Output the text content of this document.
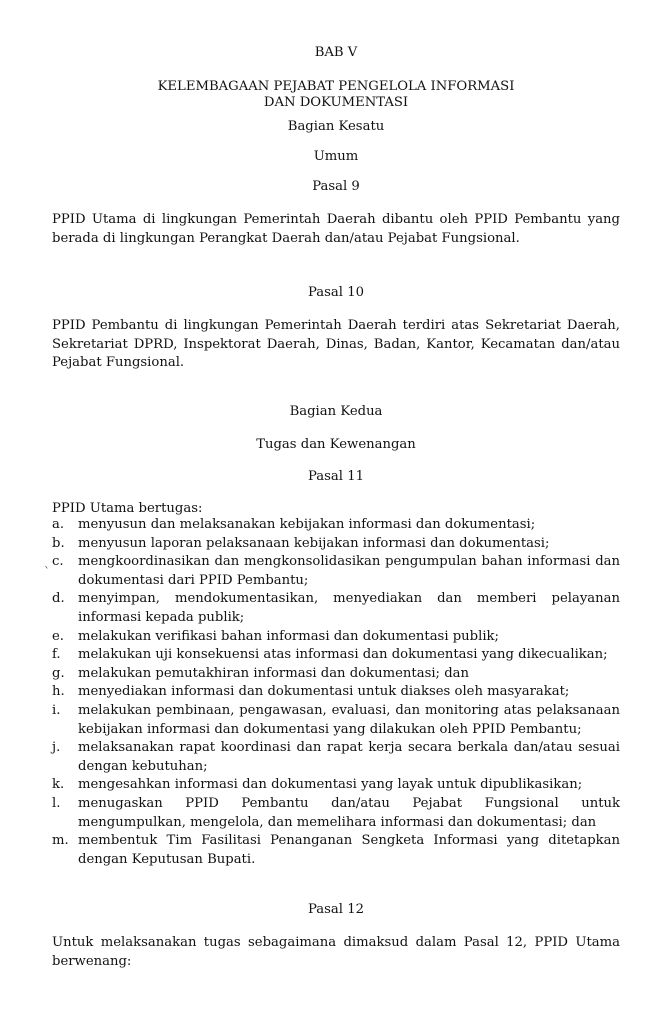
BAB V
KELEMBAGAAN PEJABAT PENGELOLA INFORMASI
DAN DOKUMENTASI
Bagian Kesatu
Umum
Pasal 9
PPID Utama di lingkungan Pemerintah Daerah dibantu oleh PPID Pembantu yang berada di lingkungan Perangkat Daerah dan/atau Pejabat Fungsional.
Pasal 10
PPID Pembantu di lingkungan Pemerintah Daerah terdiri atas Sekretariat Daerah, Sekretariat DPRD, Inspektorat Daerah, Dinas, Badan, Kantor, Kecamatan dan/atau Pejabat Fungsional.
Bagian Kedua
Tugas dan Kewenangan
Pasal 11
PPID Utama bertugas:
a. menyusun dan melaksanakan kebijakan informasi dan dokumentasi;
b. menyusun laporan pelaksanaan kebijakan informasi dan dokumentasi;
c. mengkoordinasikan dan mengkonsolidasikan pengumpulan bahan informasi dan dokumentasi dari PPID Pembantu;
d. menyimpan, mendokumentasikan, menyediakan dan memberi pelayanan informasi kepada publik;
e. melakukan verifikasi bahan informasi dan dokumentasi publik;
f. melakukan uji konsekuensi atas informasi dan dokumentasi yang dikecualikan;
g. melakukan pemutakhiran informasi dan dokumentasi; dan
h. menyediakan informasi dan dokumentasi untuk diakses oleh masyarakat;
i. melakukan pembinaan, pengawasan, evaluasi, dan monitoring atas pelaksanaan kebijakan informasi dan dokumentasi yang dilakukan oleh PPID Pembantu;
j. melaksanakan rapat koordinasi dan rapat kerja secara berkala dan/atau sesuai dengan kebutuhan;
k. mengesahkan informasi dan dokumentasi yang layak untuk dipublikasikan;
l. menugaskan PPID Pembantu dan/atau Pejabat Fungsional untuk mengumpulkan, mengelola, dan memelihara informasi dan dokumentasi; dan
m. membentuk Tim Fasilitasi Penanganan Sengketa Informasi yang ditetapkan dengan Keputusan Bupati.
Pasal 12
Untuk melaksanakan tugas sebagaimana dimaksud dalam Pasal 12, PPID Utama berwenang:
`
